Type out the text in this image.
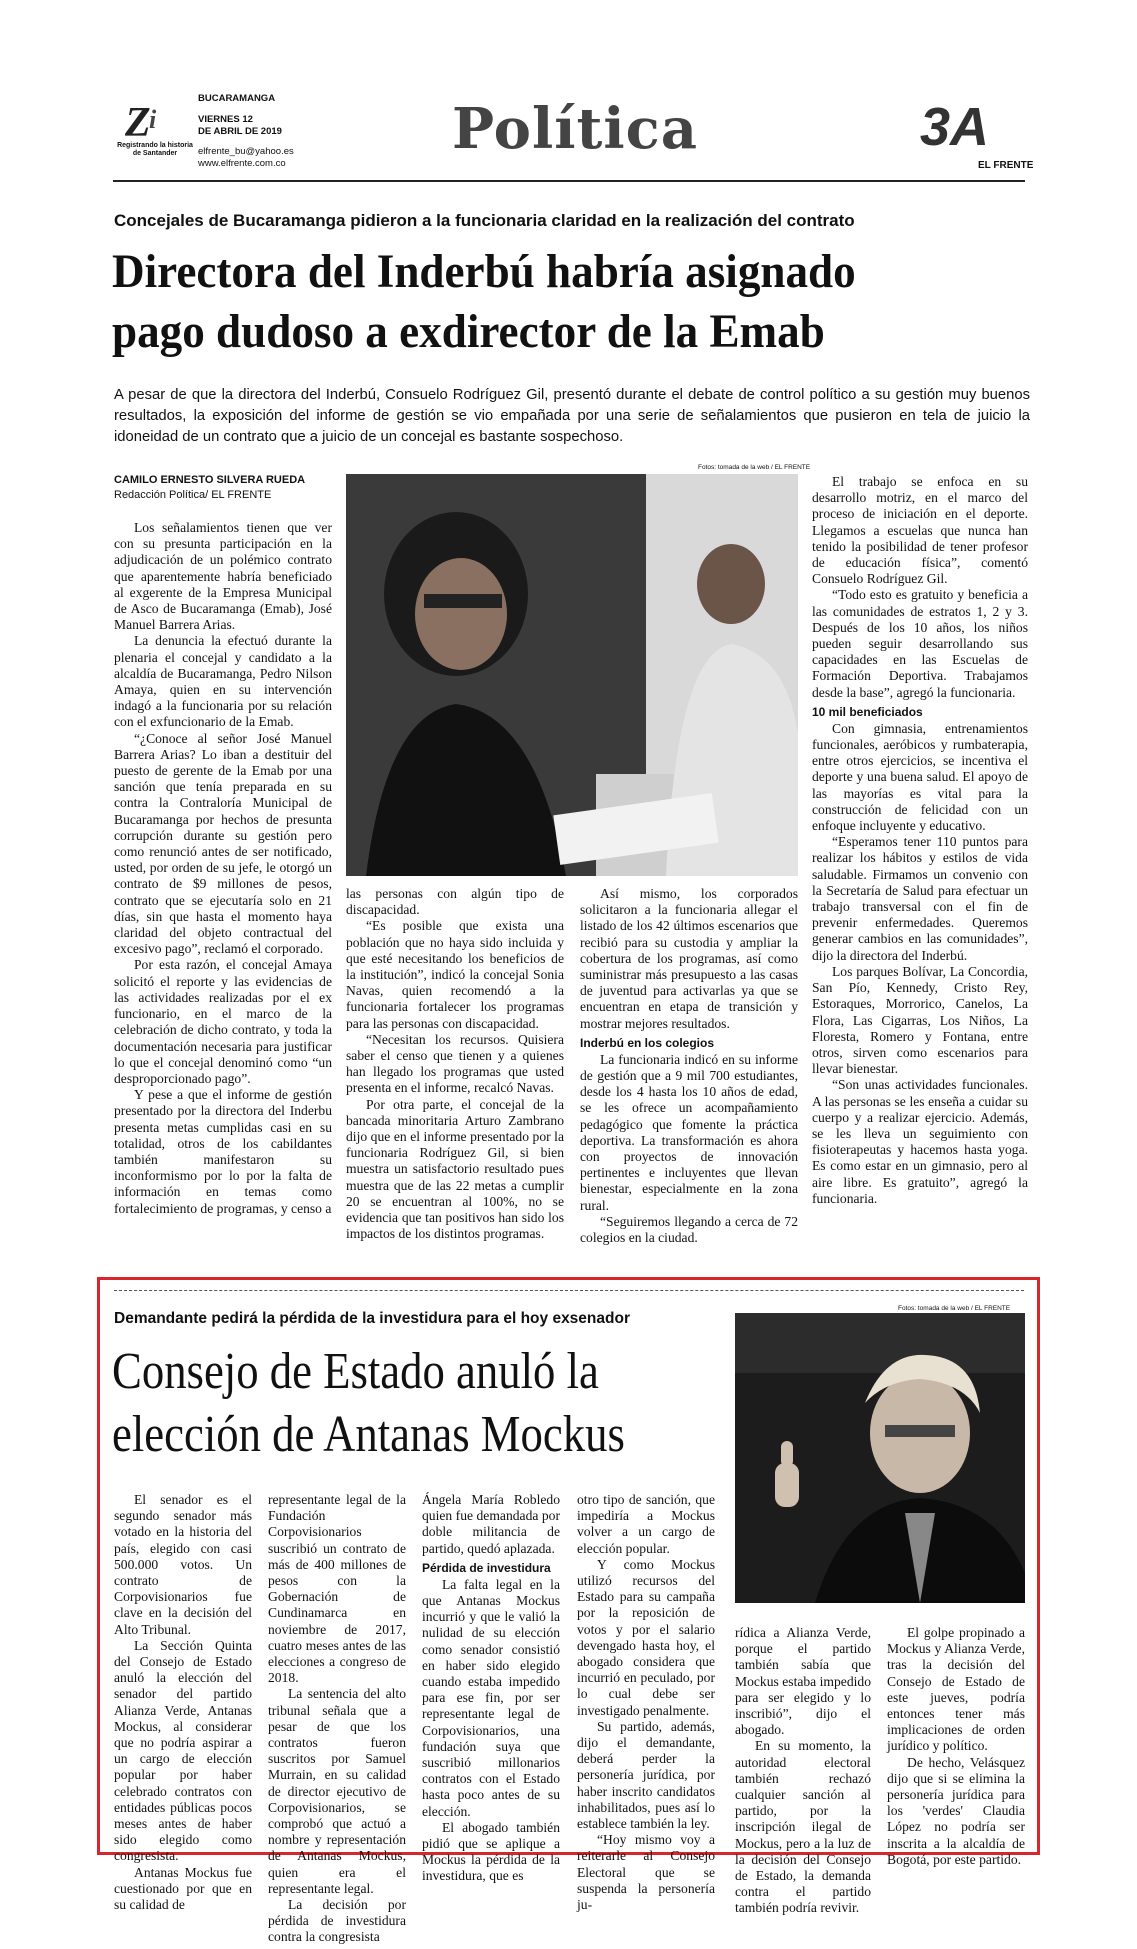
Z
i
Registrando la historia de Santander
BUCARAMANGA
VIERNES 12
DE ABRIL DE 2019
elfrente_bu@yahoo.es
www.elfrente.com.co
Política	3A
EL FRENTE
Concejales de Bucaramanga pidieron a la funcionaria claridad en la realización del contrato
Directora del Inderbú habría asignado
pago dudoso a exdirector de la Emab
A pesar de que la directora del Inderbú, Consuelo Rodríguez Gil, presentó durante el debate de control político a su gestión muy buenos resultados, la exposición del informe de gestión se vio empañada por una serie de señalamientos que pusieron en tela de juicio la idoneidad de un contrato que a juicio de un concejal es bastante sospechoso.
CAMILO ERNESTO SILVERA RUEDA
Redacción Política/ EL FRENTE

Los señalamientos tienen que ver con su presunta participación en la adjudicación de un polémico contrato que aparentemente habría beneficiado al exgerente de la Empresa Municipal de Asco de Bucaramanga (Emab), José Manuel Barrera Arias.

La denuncia la efectuó durante la plenaria el concejal y candidato a la alcaldía de Bucaramanga, Pedro Nilson Amaya, quien en su intervención indagó a la funcionaria por su relación con el exfuncionario de la Emab.

“¿Conoce al señor José Manuel Barrera Arias? Lo iban a destituir del puesto de gerente de la Emab por una sanción que tenía preparada en su contra la Contraloría Municipal de Bucaramanga por hechos de presunta corrupción durante su gestión pero como renunció antes de ser notificado, usted, por orden de su jefe, le otorgó un contrato de $9 millones de pesos, contrato que se ejecutaría solo en 21 días, sin que hasta el momento haya claridad del objeto contractual del excesivo pago”, reclamó el corporado.

Por esta razón, el concejal Amaya solicitó el reporte y las evidencias de las actividades realizadas por el ex funcionario, en el marco de la celebración de dicho contrato, y toda la documentación necesaria para justificar lo que el concejal denominó como “un desproporcionado pago”.

Y pese a que el informe de gestión presentado por la directora del Inderbu presenta metas cumplidas casi en su totalidad, otros de los cabildantes también manifestaron su inconformismo por lo por la falta de información en temas como fortalecimiento de programas, y censo a

Fotos: tomada de la web / EL FRENTE

las personas con algún tipo de discapacidad.

“Es posible que exista una población que no haya sido incluida y que esté necesitando los beneficios de la institución”, indicó la concejal Sonia Navas, quien recomendó a la funcionaria fortalecer los programas para las personas con discapacidad.

“Necesitan los recursos. Quisiera saber el censo que tienen y a quienes han llegado los programas que usted presenta en el informe, recalcó Navas.

Por otra parte, el concejal de la bancada minoritaria Arturo Zambrano dijo que en el informe presentado por la funcionaria Rodríguez Gil, si bien muestra un satisfactorio resultado pues muestra que de las 22 metas a cumplir 20 se encuentran al 100%, no se evidencia que tan positivos han sido los impactos de los distintos programas.

Así mismo, los corporados solicitaron a la funcionaria allegar el listado de los 42 últimos escenarios que recibió para su custodia y ampliar la cobertura de los programas, así como suministrar más presupuesto a las casas de juventud para activarlas ya que se encuentran en etapa de transición y mostrar mejores resultados.

Inderbú en los colegios

La funcionaria indicó en su informe de gestión que a 9 mil 700 estudiantes, desde los 4 hasta los 10 años de edad, se les ofrece un acompañamiento pedagógico que fomente la práctica deportiva. La transformación es ahora con proyectos de innovación pertinentes e incluyentes que llevan bienestar, especialmente en la zona rural.

“Seguiremos llegando a cerca de 72 colegios en la ciudad.

El trabajo se enfoca en su desarrollo motriz, en el marco del proceso de iniciación en el deporte. Llegamos a escuelas que nunca han tenido la posibilidad de tener profesor de educación física”, comentó Consuelo Rodríguez Gil.

“Todo esto es gratuito y beneficia a las comunidades de estratos 1, 2 y 3. Después de los 10 años, los niños pueden seguir desarrollando sus capacidades en las Escuelas de Formación Deportiva. Trabajamos desde la base”, agregó la funcionaria.

10 mil beneficiados

Con gimnasia, entrenamientos funcionales, aeróbicos y rumbaterapia, entre otros ejercicios, se incentiva el deporte y una buena salud. El apoyo de las mayorías es vital para la construcción de felicidad con un enfoque incluyente y educativo.

“Esperamos tener 110 puntos para realizar los hábitos y estilos de vida saludable. Firmamos un convenio con la Secretaría de Salud para efectuar un trabajo transversal con el fin de prevenir enfermedades. Queremos generar cambios en las comunidades”, dijo la directora del Inderbú.

Los parques Bolívar, La Concordia, San Pío, Kennedy, Cristo Rey, Estoraques, Morrorico, Canelos, La Flora, Las Cigarras, Los Niños, La Floresta, Romero y Fontana, entre otros, sirven como escenarios para llevar bienestar.

“Son unas actividades funcionales. A las personas se les enseña a cuidar su cuerpo y a realizar ejercicio. Además, se les lleva un seguimiento con fisioterapeutas y hacemos hasta yoga. Es como estar en un gimnasio, pero al aire libre. Es gratuito”, agregó la funcionaria.

Demandante pedirá la pérdida de la investidura para el hoy exsenador
Consejo de Estado anuló la
elección de Antanas Mockus
Fotos: tomada de la web / EL FRENTE

El senador es el segundo senador más votado en la historia del país, elegido con casi 500.000 votos. Un contrato de Corpovisionarios fue clave en la decisión del Alto Tribunal.

La Sección Quinta del Consejo de Estado anuló la elección del senador del partido Alianza Verde, Antanas Mockus, al considerar que no podría aspirar a un cargo de elección popular por haber celebrado contratos con entidades públicas pocos meses antes de haber sido elegido como congresista.

Antanas Mockus fue cuestionado por que en su calidad de

representante legal de la Fundación Corpovisionarios suscribió un contrato de más de 400 millones de pesos con la Gobernación de Cundinamarca en noviembre de 2017, cuatro meses antes de las elecciones a congreso de 2018.

La sentencia del alto tribunal señala que a pesar de que los contratos fueron suscritos por Samuel Murrain, en su calidad de director ejecutivo de Corpovisionarios, se comprobó que actuó a nombre y representación de Antanas Mockus, quien era el representante legal.

La decisión por pérdida de investidura contra la congresista

Ángela María Robledo quien fue demandada por doble militancia de partido, quedó aplazada.

Pérdida de investidura

La falta legal en la que Antanas Mockus incurrió y que le valió la nulidad de su elección como senador consistió en haber sido elegido cuando estaba impedido para ese fin, por ser representante legal de Corpovisionarios, una fundación suya que suscribió millonarios contratos con el Estado hasta poco antes de su elección.

El abogado también pidió que se aplique a Mockus la pérdida de la investidura, que es

otro tipo de sanción, que impediría a Mockus volver a un cargo de elección popular.

Y como Mockus utilizó recursos del Estado para su campaña por la reposición de votos y por el salario devengado hasta hoy, el abogado considera que incurrió en peculado, por lo cual debe ser investigado penalmente.

Su partido, además, dijo el demandante, deberá perder la personería jurídica, por haber inscrito candidatos inhabilitados, pues así lo establece también la ley.

“Hoy mismo voy a reiterarle al Consejo Electoral que se suspenda la personería ju-

rídica a Alianza Verde, porque el partido también sabía que Mockus estaba impedido para ser elegido y lo inscribió”, dijo el abogado.

En su momento, la autoridad electoral también rechazó cualquier sanción al partido, por la inscripción ilegal de Mockus, pero a la luz de la decisión del Consejo de Estado, la demanda contra el partido también podría revivir.

El golpe propinado a Mockus y Alianza Verde, tras la decisión del Consejo de Estado de este jueves, podría entonces tener más implicaciones de orden jurídico y político.

De hecho, Velásquez dijo que si se elimina la personería jurídica para los 'verdes' Claudia López no podría ser inscrita a la alcaldía de Bogotá, por este partido.
